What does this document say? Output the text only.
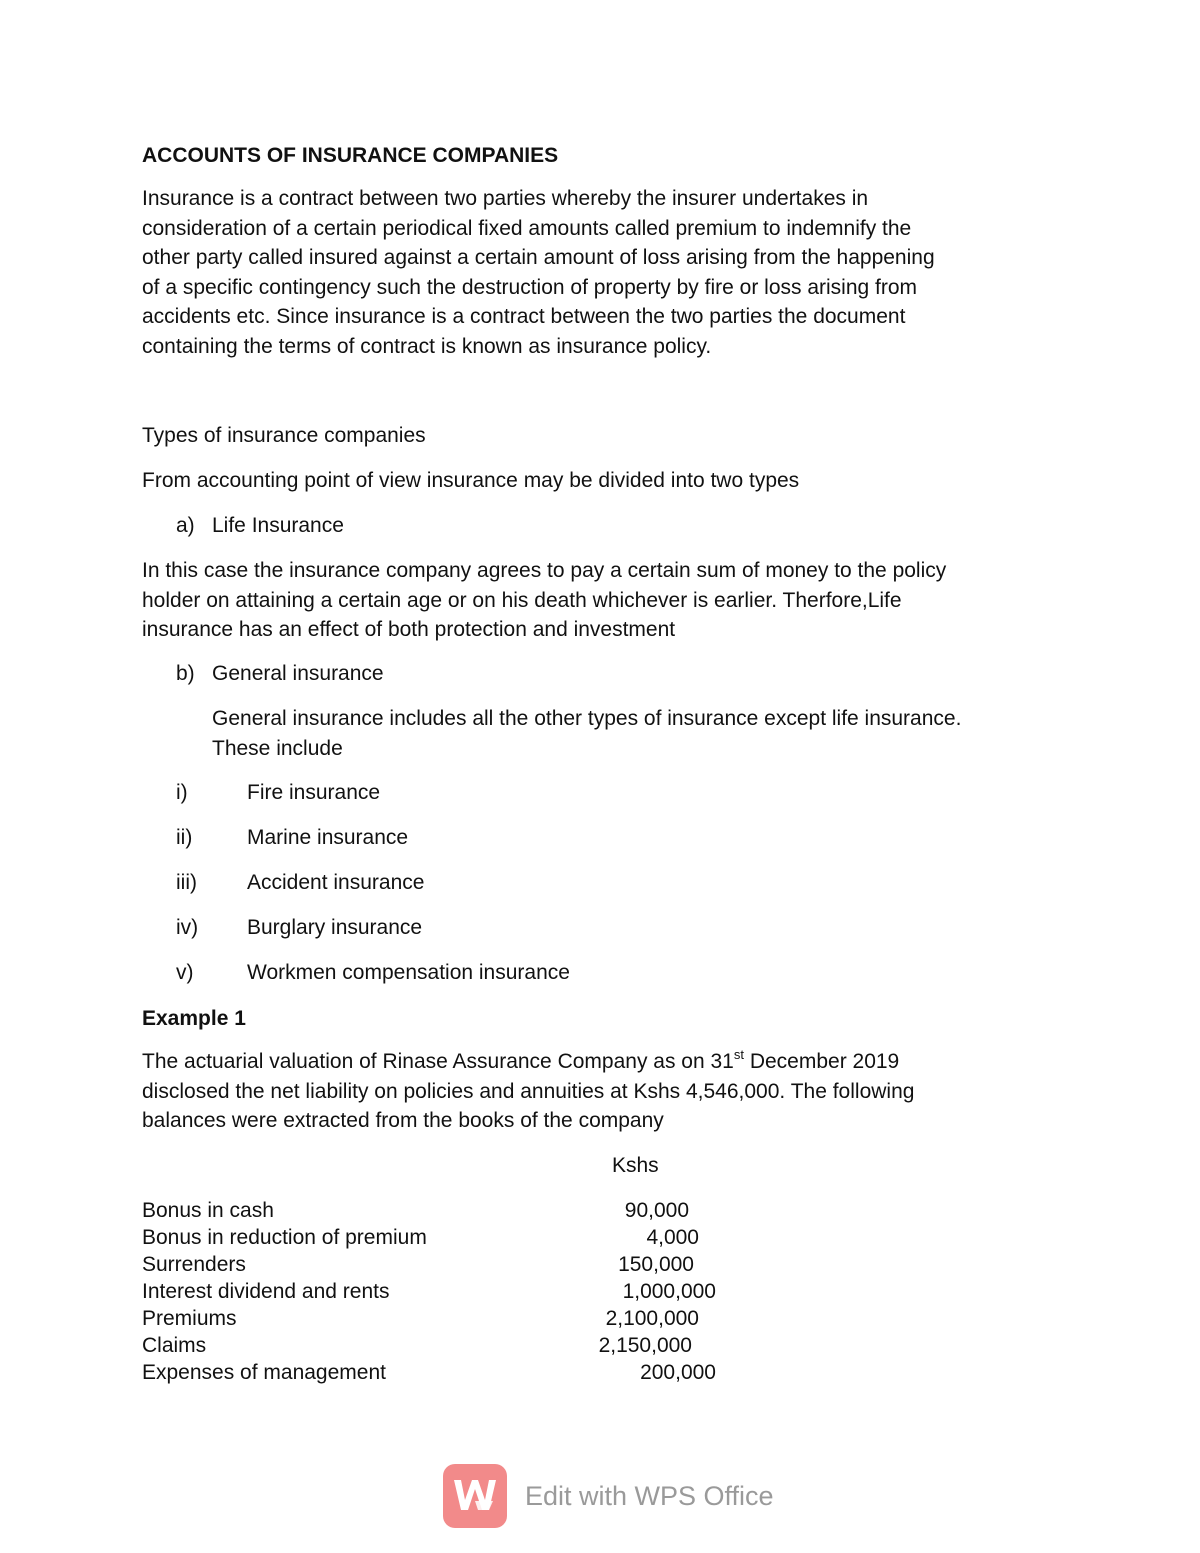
ACCOUNTS OF INSURANCE COMPANIES
Insurance is a contract between two parties whereby the insurer undertakes in
consideration of a certain periodical fixed amounts called premium to indemnify the
other party called insured against a certain amount of loss arising from the happening
of a specific contingency such the destruction of property by fire or loss arising from
accidents etc. Since insurance is a contract between the two parties the document
containing the terms of contract is known as insurance policy.
Types of insurance companies
From accounting point of view insurance may be divided into two types
a) Life Insurance
In this case the insurance company agrees to pay a certain sum of money to the policy
holder on attaining a certain age or on his death whichever is earlier. Therfore,Life
insurance has an effect of both protection and investment
b) General insurance
General insurance includes all the other types of insurance except life insurance.
These include
i)	Fire insurance
ii)	Marine insurance
iii) Accident insurance
iv) Burglary insurance
v)	Workmen compensation insurance
Example 1
The actuarial valuation of Rinase Assurance Company as on 31st December 2019
disclosed the net liability on policies and annuities at Kshs 4,546,000. The following
balances were extracted from the books of the company
Kshs
Bonus in cash	90,000
Bonus in reduction of premium	4,000
Surrenders	150,000
Interest dividend and rents	1,000,000
Premiums	2,100,000
Claims	2,150,000
Expenses of management	200,000
Edit with WPS Office
